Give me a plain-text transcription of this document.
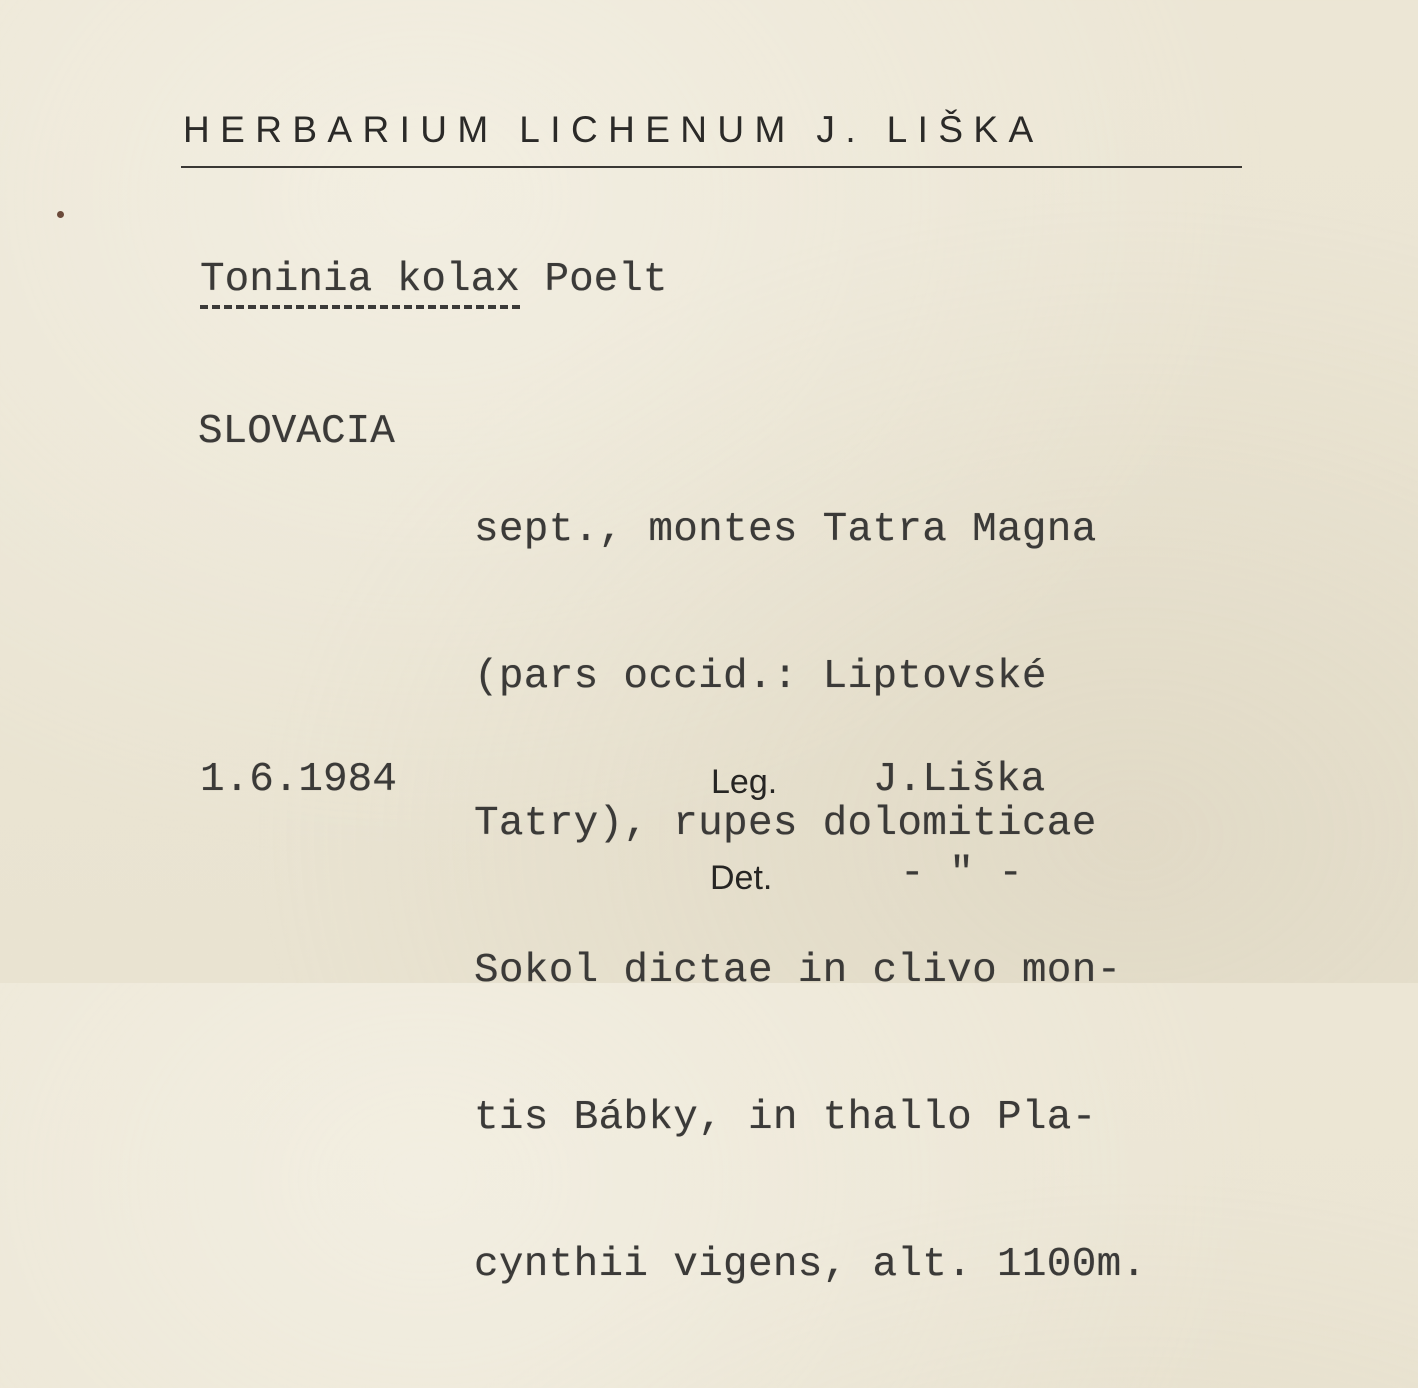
HERBARIUM LICHENUM J. LIŠKA
Toninia kolax Poelt
SLOVACIA

sept., montes Tatra Magna

(pars occid.: Liptovské

Tatry), rupes dolomiticae

Sokol dictae in clivo mon-

tis Bábky, in thallo Pla-

cynthii vigens, alt. 1100m.

1.6.1984	Leg. J.Liška
Det.	- " -
